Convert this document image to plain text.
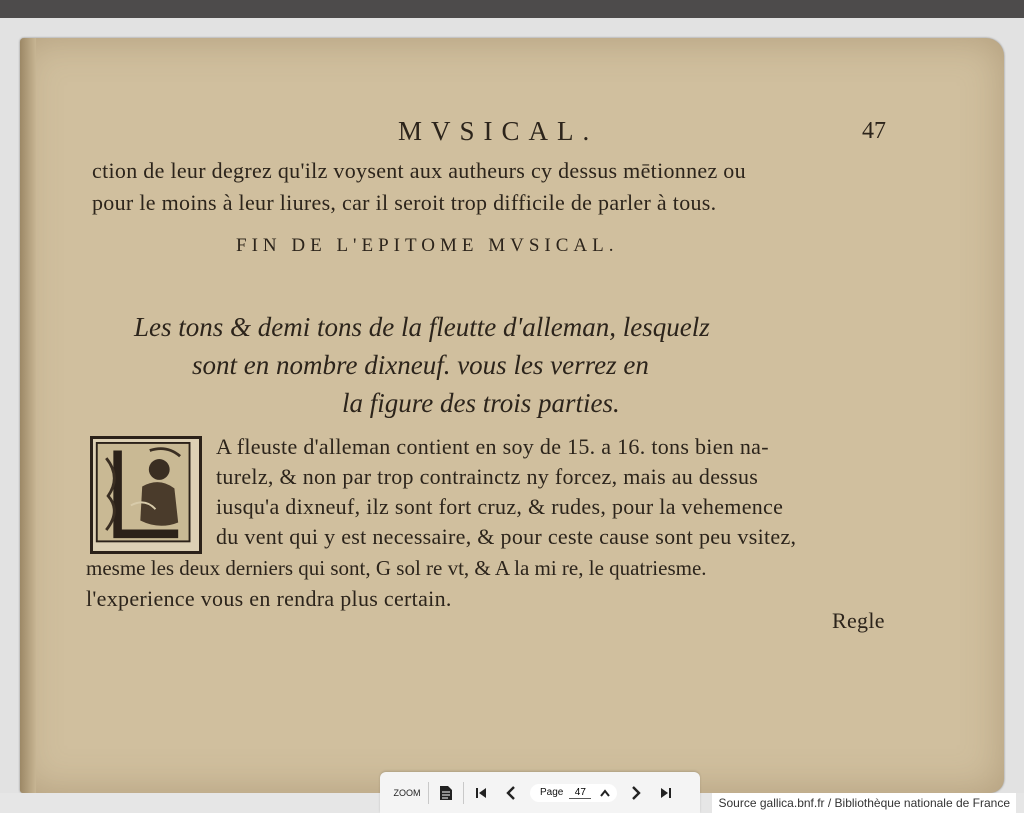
MVSICAL.	47
ction de leur degrez qu'ilz voysent aux autheurs cy dessus mētionnez ou
pour le moins à leur liures, car il seroit trop difficile de parler à tous.
FIN DE L'EPITOME MVSICAL.
Les tons & demi tons de la fleutte d'alleman, lesquelz
sont en nombre dixneuf. vous les verrez en
la figure des trois parties.
A fleuste d'alleman contient en soy de 15. a 16. tons bien na-
turelz, & non par trop contrainctz ny forcez, mais au dessus
iusqu'a dixneuf, ilz sont fort cruz, & rudes, pour la vehemence
du vent qui y est necessaire, & pour ceste cause sont peu vsitez,
mesme les deux derniers qui sont, G sol re vt, & A la mi re, le quatriesme.
l'experience vous en rendra plus certain.
Regle
ZOOM	Page
47
Source gallica.bnf.fr / Bibliothèque nationale de France
